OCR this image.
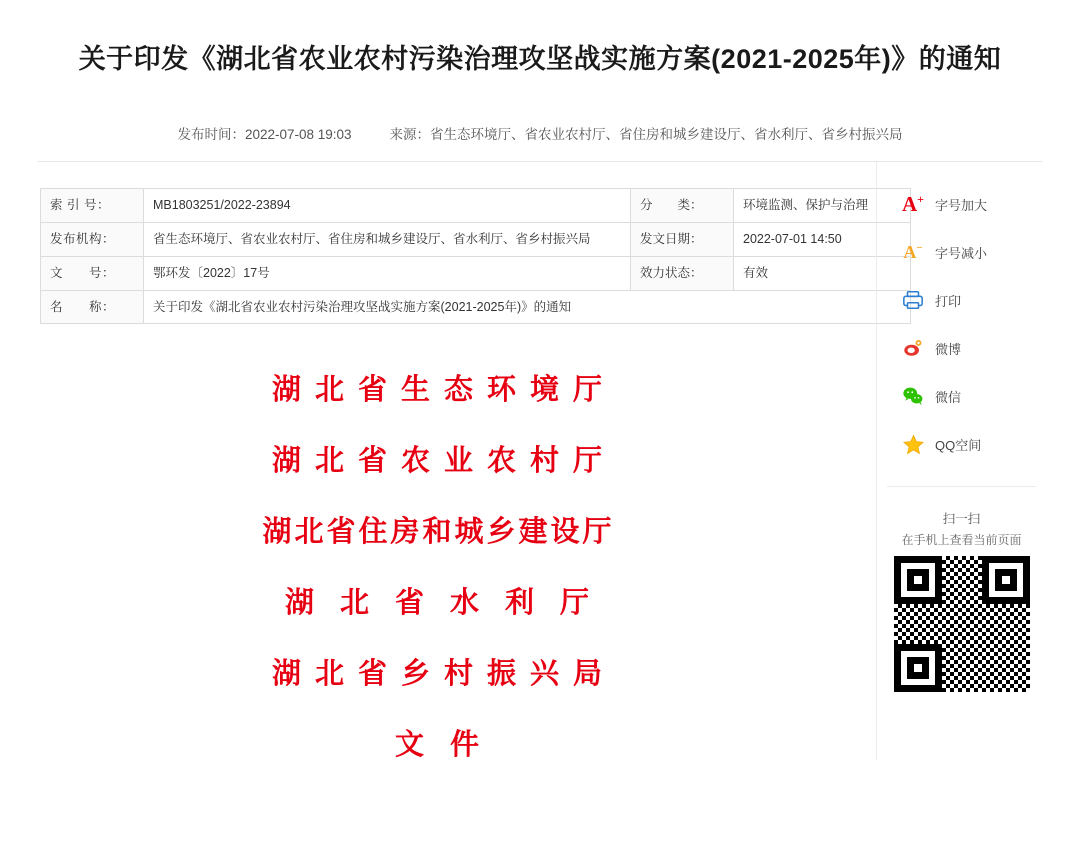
关于印发《湖北省农业农村污染治理攻坚战实施方案(2021-2025年)》的通知
发布时间：2022-07-08 19:03	来源：省生态环境厅、省农业农村厅、省住房和城乡建设厅、省水利厅、省乡村振兴局
索 引 号：	MB1803251/2022-23894	分　　类：	环境监测、保护与治理
发布机构：	省生态环境厅、省农业农村厅、省住房和城乡建设厅、省水利厅、省乡村振兴局	发文日期：	2022-07-01 14:50
文　　号：	鄂环发〔2022〕17号	效力状态：	有效
名　　称：	关于印发《湖北省农业农村污染治理攻坚战实施方案(2021-2025年)》的通知		
湖北省生态环境厅
湖北省农业农村厅
湖北省住房和城乡建设厅
湖北省水利厅
湖北省乡村振兴局
文件
A+ 字号加大
A− 字号减小
打印
微博
微信
QQ空间
扫一扫
在手机上查看当前页面
